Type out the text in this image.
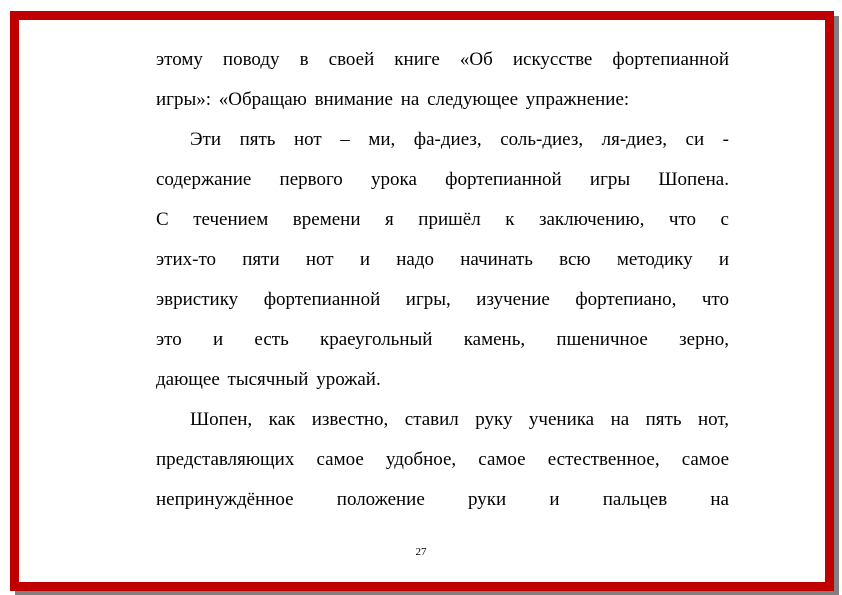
этому поводу в своей книге «Об искусстве фортепианной
игры»: «Обращаю внимание на следующее упражнение:
Эти пять нот – ми, фа-диез, соль-диез, ля-диез, си -
содержание первого урока фортепианной игры Шопена.
С течением времени я пришёл к заключению, что с
этих-то пяти нот и надо начинать всю методику и
эвристику фортепианной игры, изучение фортепиано, что
это и есть краеугольный камень, пшеничное зерно,
дающее тысячный урожай.
Шопен, как известно, ставил руку ученика на пять нот,
представляющих самое удобное, самое естественное, самое
непринуждённое положение руки и пальцев на
27
